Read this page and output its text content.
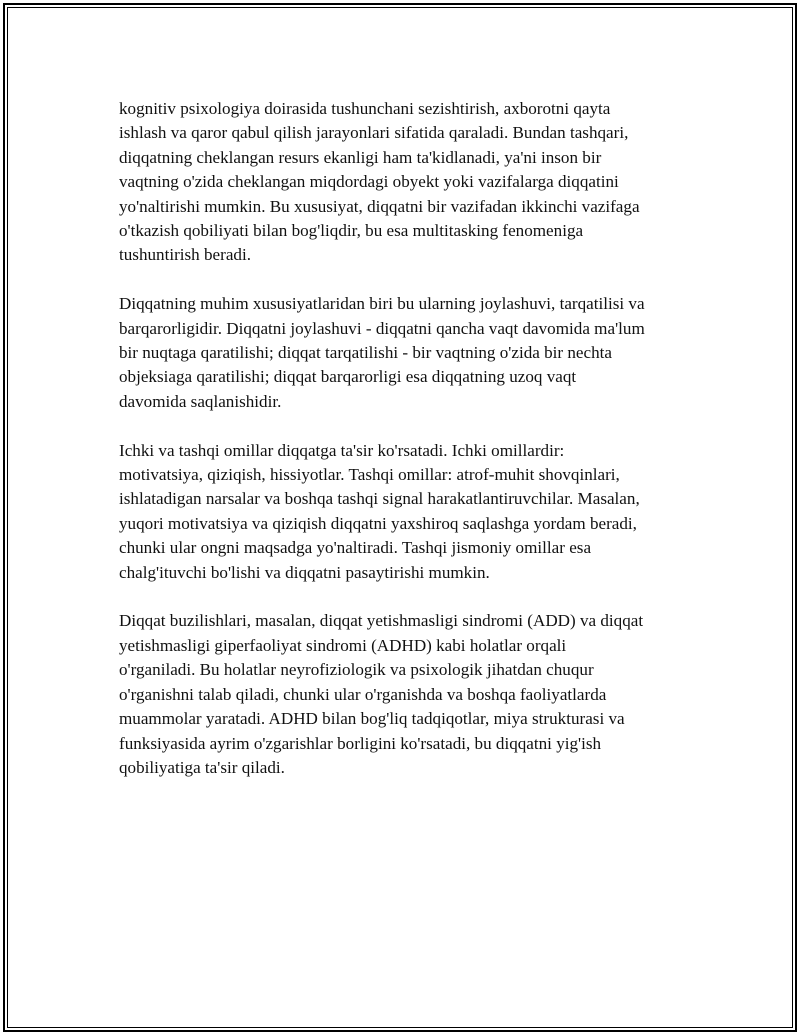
kognitiv psixologiya doirasida tushunchani sezishtirish, axborotni qayta
ishlash va qaror qabul qilish jarayonlari sifatida qaraladi. Bundan tashqari,
diqqatning cheklangan resurs ekanligi ham ta'kidlanadi, ya'ni inson bir
vaqtning o'zida cheklangan miqdordagi obyekt yoki vazifalarga diqqatini
yo'naltirishi mumkin. Bu xususiyat, diqqatni bir vazifadan ikkinchi vazifaga
o'tkazish qobiliyati bilan bog'liqdir, bu esa multitasking fenomeniga
tushuntirish beradi.

Diqqatning muhim xususiyatlaridan biri bu ularning joylashuvi, tarqatilisi va
barqarorligidir. Diqqatni joylashuvi - diqqatni qancha vaqt davomida ma'lum
bir nuqtaga qaratilishi; diqqat tarqatilishi - bir vaqtning o'zida bir nechta
objeksiaga qaratilishi; diqqat barqarorligi esa diqqatning uzoq vaqt
davomida saqlanishidir.

Ichki va tashqi omillar diqqatga ta'sir ko'rsatadi. Ichki omillardir:
motivatsiya, qiziqish, hissiyotlar. Tashqi omillar: atrof-muhit shovqinlari,
ishlatadigan narsalar va boshqa tashqi signal harakatlantiruvchilar. Masalan,
yuqori motivatsiya va qiziqish diqqatni yaxshiroq saqlashga yordam beradi,
chunki ular ongni maqsadga yo'naltiradi. Tashqi jismoniy omillar esa
chalg'ituvchi bo'lishi va diqqatni pasaytirishi mumkin.

Diqqat buzilishlari, masalan, diqqat yetishmasligi sindromi (ADD) va diqqat
yetishmasligi giperfaoliyat sindromi (ADHD) kabi holatlar orqali
o'rganiladi. Bu holatlar neyrofiziologik va psixologik jihatdan chuqur
o'rganishni talab qiladi, chunki ular o'rganishda va boshqa faoliyatlarda
muammolar yaratadi. ADHD bilan bog'liq tadqiqotlar, miya strukturasi va
funksiyasida ayrim o'zgarishlar borligini ko'rsatadi, bu diqqatni yig'ish
qobiliyatiga ta'sir qiladi.
